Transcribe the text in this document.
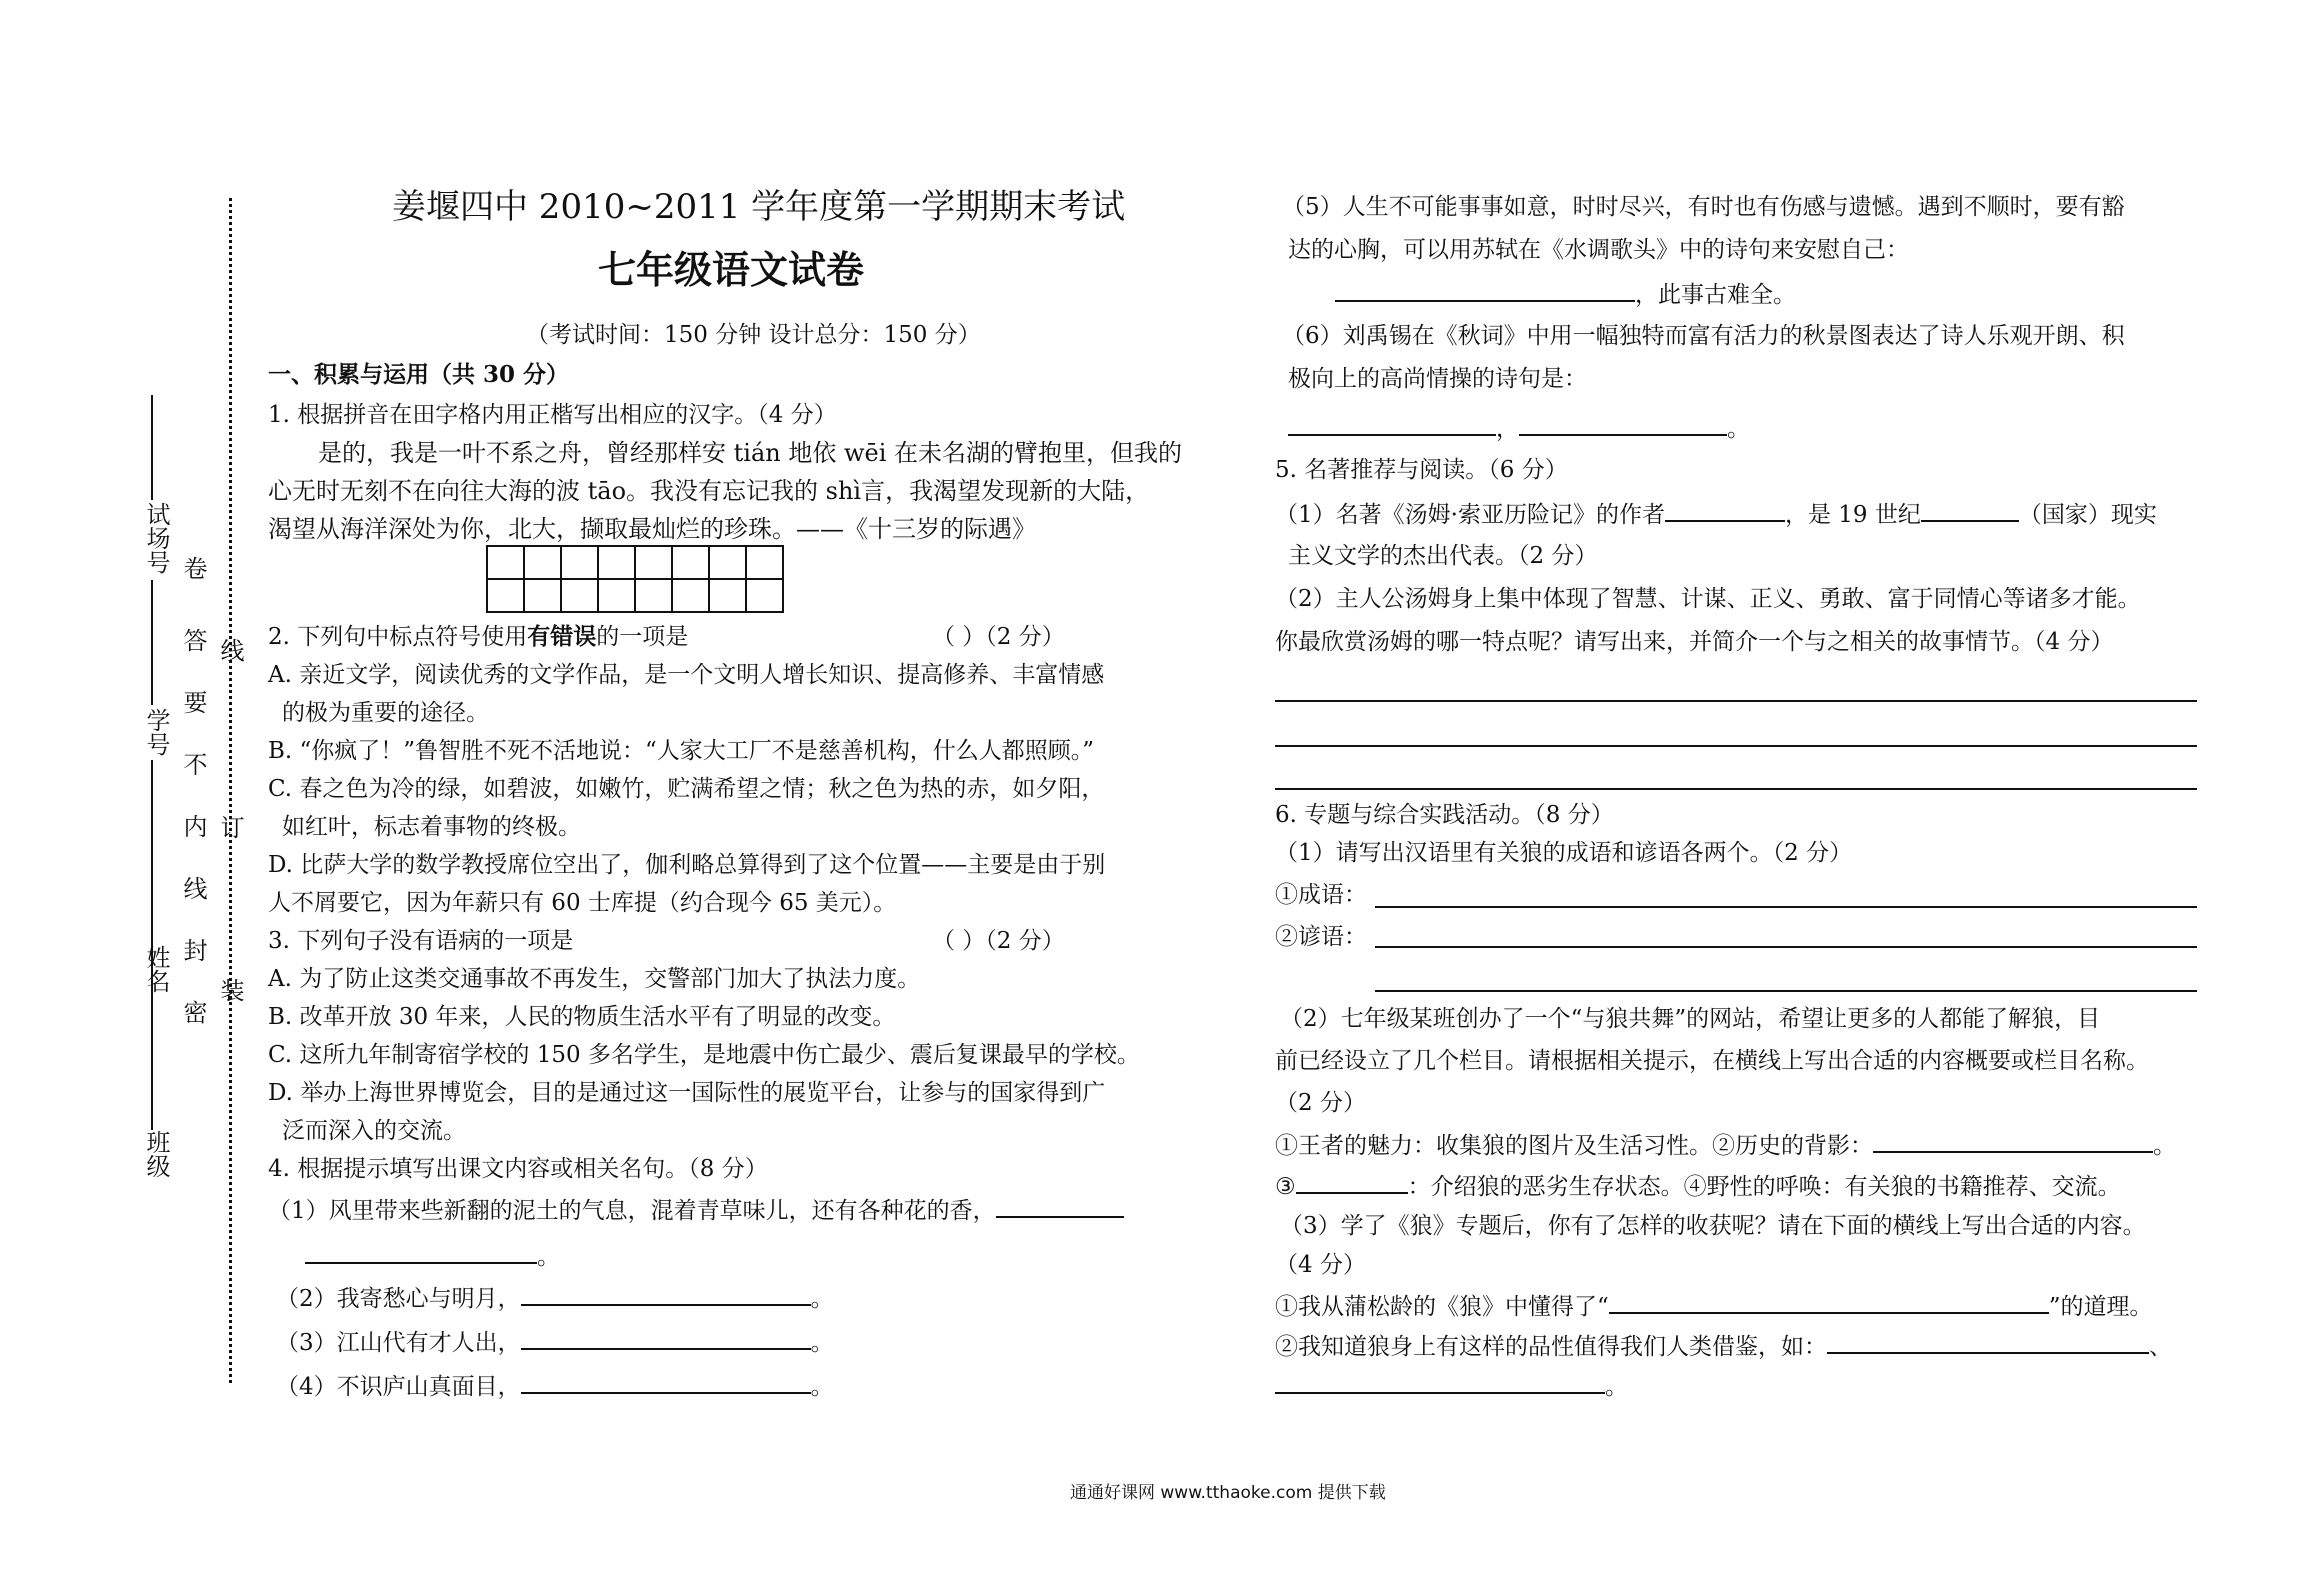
班级
姓名
学号
试场号
密
封
线
内
不
要
答
卷
装
订
线
姜堰四中 2010~2011 学年度第一学期期末考试
七年级语文试卷
（考试时间：150 分钟 设计总分：150 分）
一、积累与运用（共 30 分）
1. 根据拼音在田字格内用正楷写出相应的汉字。（4 分）
是的，我是一叶不系之舟，曾经那样安 tián 地依 wēi 在未名湖的臂抱里，但我的
心无时无刻不在向往大海的波 tāo。我没有忘记我的 shì言，我渴望发现新的大陆，
渴望从海洋深处为你，北大，撷取最灿烂的珍珠。——《十三岁的际遇》
2. 下列句中标点符号使用有错误的一项是	（ ）（2 分）
A. 亲近文学，阅读优秀的文学作品，是一个文明人增长知识、提高修养、丰富情感
的极为重要的途径。
B. “你疯了！”鲁智胜不死不活地说：“人家大工厂不是慈善机构，什么人都照顾。”
C. 春之色为冷的绿，如碧波，如嫩竹，贮满希望之情；秋之色为热的赤，如夕阳，
如红叶，标志着事物的终极。
D. 比萨大学的数学教授席位空出了，伽利略总算得到了这个位置——主要是由于别
人不屑要它，因为年薪只有 60 士库提（约合现今 65 美元）。
3. 下列句子没有语病的一项是	（ ）（2 分）
A. 为了防止这类交通事故不再发生，交警部门加大了执法力度。
B. 改革开放 30 年来，人民的物质生活水平有了明显的改变。
C. 这所九年制寄宿学校的 150 多名学生，是地震中伤亡最少、震后复课最早的学校。
D. 举办上海世界博览会，目的是通过这一国际性的展览平台，让参与的国家得到广
泛而深入的交流。
4. 根据提示填写出课文内容或相关名句。（8 分）
（1）风里带来些新翻的泥土的气息，混着青草味儿，还有各种花的香，
。
（2）我寄愁心与明月，	。
（3）江山代有才人出，	。
（4）不识庐山真面目，	。
（5）人生不可能事事如意，时时尽兴，有时也有伤感与遗憾。遇到不顺时，要有豁
达的心胸，可以用苏轼在《水调歌头》中的诗句来安慰自己：
，此事古难全。
（6）刘禹锡在《秋词》中用一幅独特而富有活力的秋景图表达了诗人乐观开朗、积
极向上的高尚情操的诗句是：
，	。
5. 名著推荐与阅读。（6 分）
（1）名著《汤姆·索亚历险记》的作者	，是 19 世纪	（国家）现实
主义文学的杰出代表。（2 分）
（2）主人公汤姆身上集中体现了智慧、计谋、正义、勇敢、富于同情心等诸多才能。
你最欣赏汤姆的哪一特点呢？请写出来，并简介一个与之相关的故事情节。（4 分）
6. 专题与综合实践活动。（8 分）
（1）请写出汉语里有关狼的成语和谚语各两个。（2 分）
①成语：
②谚语：
（2）七年级某班创办了一个“与狼共舞”的网站，希望让更多的人都能了解狼，目
前已经设立了几个栏目。请根据相关提示，在横线上写出合适的内容概要或栏目名称。
（2 分）
①王者的魅力：收集狼的图片及生活习性。②历史的背影：	。
③	：介绍狼的恶劣生存状态。④野性的呼唤：有关狼的书籍推荐、交流。
（3）学了《狼》专题后，你有了怎样的收获呢？请在下面的横线上写出合适的内容。
（4 分）
①我从蒲松龄的《狼》中懂得了“	”的道理。
②我知道狼身上有这样的品性值得我们人类借鉴，如：	、
。
通通好课网 www.tthaoke.com 提供下载
